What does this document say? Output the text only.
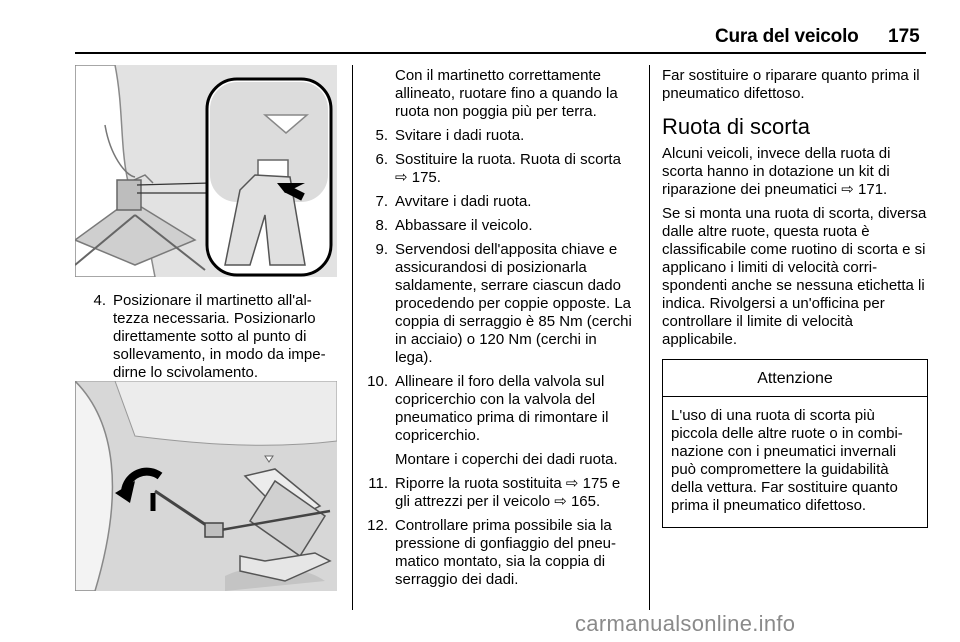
Cura del veicolo 175
4. Posizionare il martinetto all'altezza necessaria. Posizionarlo direttamente sotto al punto di sollevamento, in modo da impedirne lo scivolamento.
Con il martinetto correttamente allineato, ruotare fino a quando la ruota non poggia più per terra.
5. Svitare i dadi ruota.
6. Sostituire la ruota. Ruota di scorta ⇨ 175.
7. Avvitare i dadi ruota.
8. Abbassare il veicolo.
9. Servendosi dell'apposita chiave e assicurandosi di posizionarla saldamente, serrare ciascun dado procedendo per coppie opposte. La coppia di serraggio è 85 Nm (cerchi in acciaio) o 120 Nm (cerchi in lega).
10. Allineare il foro della valvola sul copricerchio con la valvola del pneumatico prima di rimontare il copricerchio.
Montare i coperchi dei dadi ruota.
11. Riporre la ruota sostituita ⇨ 175 e gli attrezzi per il veicolo ⇨ 165.
12. Controllare prima possibile sia la pressione di gonfiaggio del pneumatico montato, sia la coppia di serraggio dei dadi.
Far sostituire o riparare quanto prima il pneumatico difettoso.
Ruota di scorta
Alcuni veicoli, invece della ruota di scorta hanno in dotazione un kit di riparazione dei pneumatici ⇨ 171.
Se si monta una ruota di scorta, diversa dalle altre ruote, questa ruota è classificabile come ruotino di scorta e si applicano i limiti di velocità corrispondenti anche se nessuna etichetta li indica. Rivolgersi a un'officina per controllare il limite di velocità applicabile.
Attenzione
L'uso di una ruota di scorta più piccola delle altre ruote o in combinazione con i pneumatici invernali può compromettere la guidabilità della vettura. Far sostituire quanto prima il pneumatico difettoso.
carmanualsonline.info
